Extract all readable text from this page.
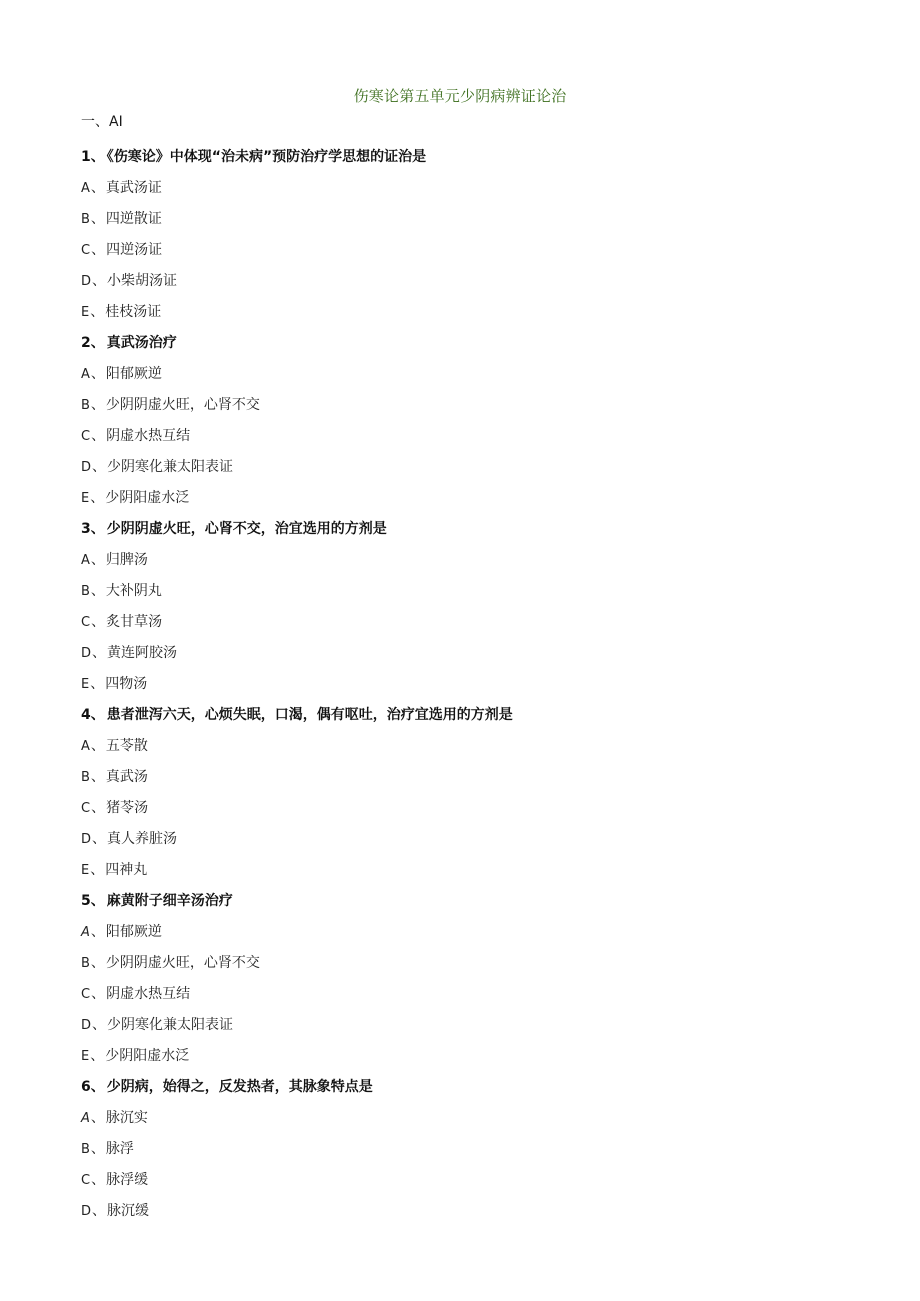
伤寒论第五单元少阴病辨证论治
一、AI
1、 《伤寒论》中体现“治未病”预防治疗学思想的证治是
A、真武汤证
B、四逆散证
C、四逆汤证
D、小柴胡汤证
E、桂枝汤证
2、 真武汤治疗
A、阳郁厥逆
B、少阴阴虚火旺，心肾不交
C、阴虚水热互结
D、少阴寒化兼太阳表证
E、少阴阳虚水泛
3、 少阴阴虚火旺，心肾不交，治宜选用的方剂是
A、归脾汤
B、大补阴丸
C、炙甘草汤
D、黄连阿胶汤
E、四物汤
4、 患者泄泻六天，心烦失眠，口渴，偶有呕吐，治疗宜选用的方剂是
A、五苓散
B、真武汤
C、猪苓汤
D、真人养脏汤
E、四神丸
5、 麻黄附子细辛汤治疗
A、阳郁厥逆
B、少阴阴虚火旺，心肾不交
C、阴虚水热互结
D、少阴寒化兼太阳表证
E、少阴阳虚水泛
6、 少阴病，始得之，反发热者，其脉象特点是
A、脉沉实
B、脉浮
C、脉浮缓
D、脉沉缓
